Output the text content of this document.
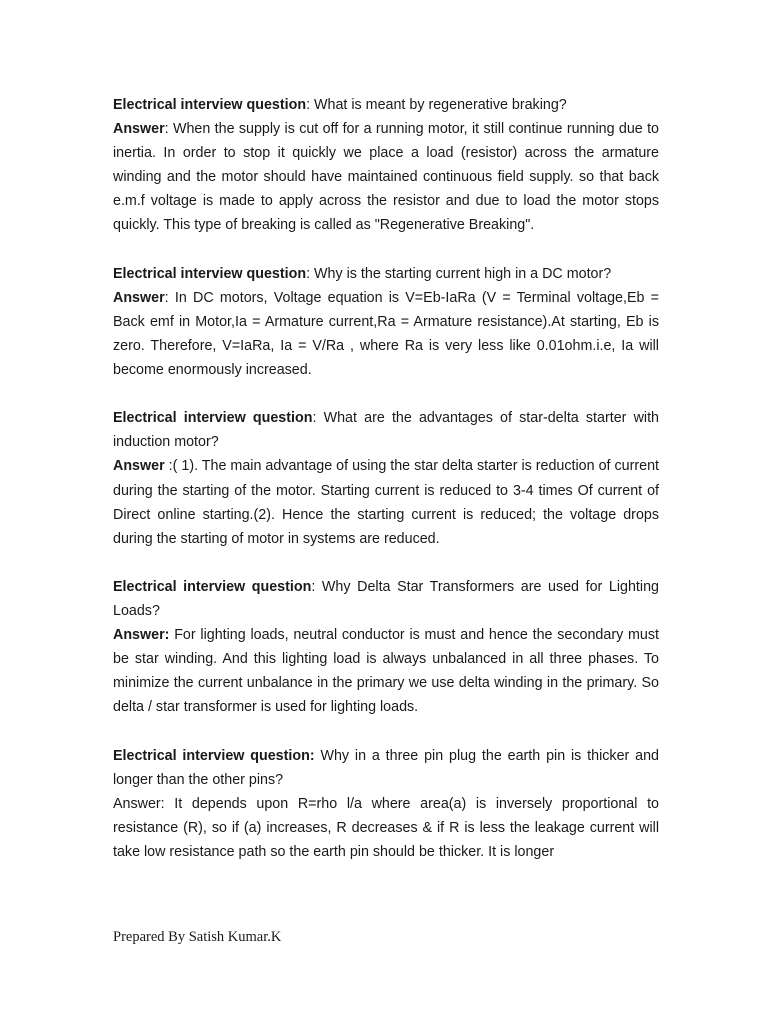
Electrical interview question: What is meant by regenerative braking?

Answer: When the supply is cut off for a running motor, it still continue running due to inertia. In order to stop it quickly we place a load (resistor) across the armature winding and the motor should have maintained continuous field supply. so that back e.m.f voltage is made to apply across the resistor and due to load the motor stops quickly. This type of breaking is called as "Regenerative Breaking".

Electrical interview question: Why is the starting current high in a DC motor?

Answer: In DC motors, Voltage equation is V=Eb-IaRa (V = Terminal voltage,Eb = Back emf in Motor,Ia = Armature current,Ra = Armature resistance).At starting, Eb is zero. Therefore, V=IaRa, Ia = V/Ra , where Ra is very less like 0.01ohm.i.e, Ia will become enormously increased.

Electrical interview question: What are the advantages of star-delta starter with induction motor?

Answer :( 1). The main advantage of using the star delta starter is reduction of current during the starting of the motor. Starting current is reduced to 3-4 times Of current of Direct online starting.(2). Hence the starting current is reduced; the voltage drops during the starting of motor in systems are reduced.

Electrical interview question: Why Delta Star Transformers are used for Lighting Loads?

Answer: For lighting loads, neutral conductor is must and hence the secondary must be star winding. And this lighting load is always unbalanced in all three phases. To minimize the current unbalance in the primary we use delta winding in the primary. So delta / star transformer is used for lighting loads.

Electrical interview question: Why in a three pin plug the earth pin is thicker and longer than the other pins?

Answer: It depends upon R=rho l/a where area(a) is inversely proportional to resistance (R), so if (a) increases, R decreases & if R is less the leakage current will take low resistance path so the earth pin should be thicker. It is longer

Prepared By Satish Kumar.K
